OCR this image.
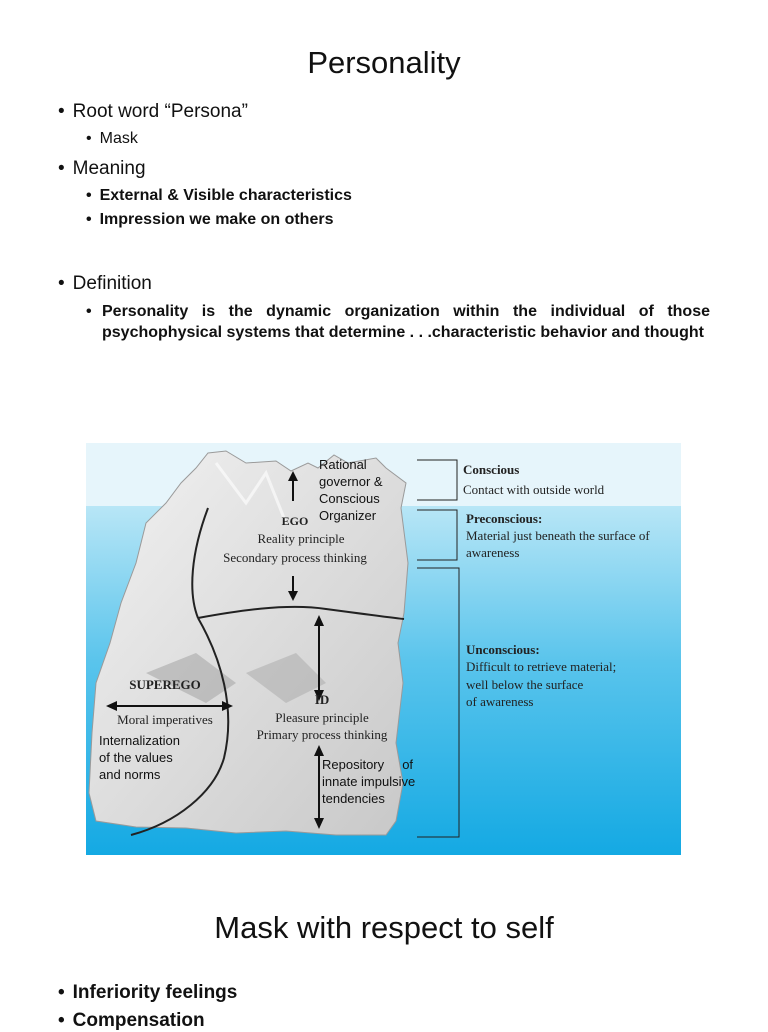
Personality
• Root word “Persona”
• Mask
• Meaning
• External & Visible characteristics
• Impression we make on others
• Definition
• Personality is the dynamic organization within the individual of those psychophysical systems that determine . . .characteristic behavior and thought
EGO
Reality principle
Secondary process thinking
Rational
governor &
Conscious
Organizer
SUPEREGO
Moral imperatives
Internalization
of the values
and norms
ID
Pleasure principle
Primary process thinking
Repository     of
innate impulsive
tendencies
Conscious
Contact with outside world
Preconscious:
Material just beneath the surface of
awareness
Unconscious:
Difficult to retrieve material;
well below the surface
of awareness
Mask with respect to self
• Inferiority feelings
• Compensation
